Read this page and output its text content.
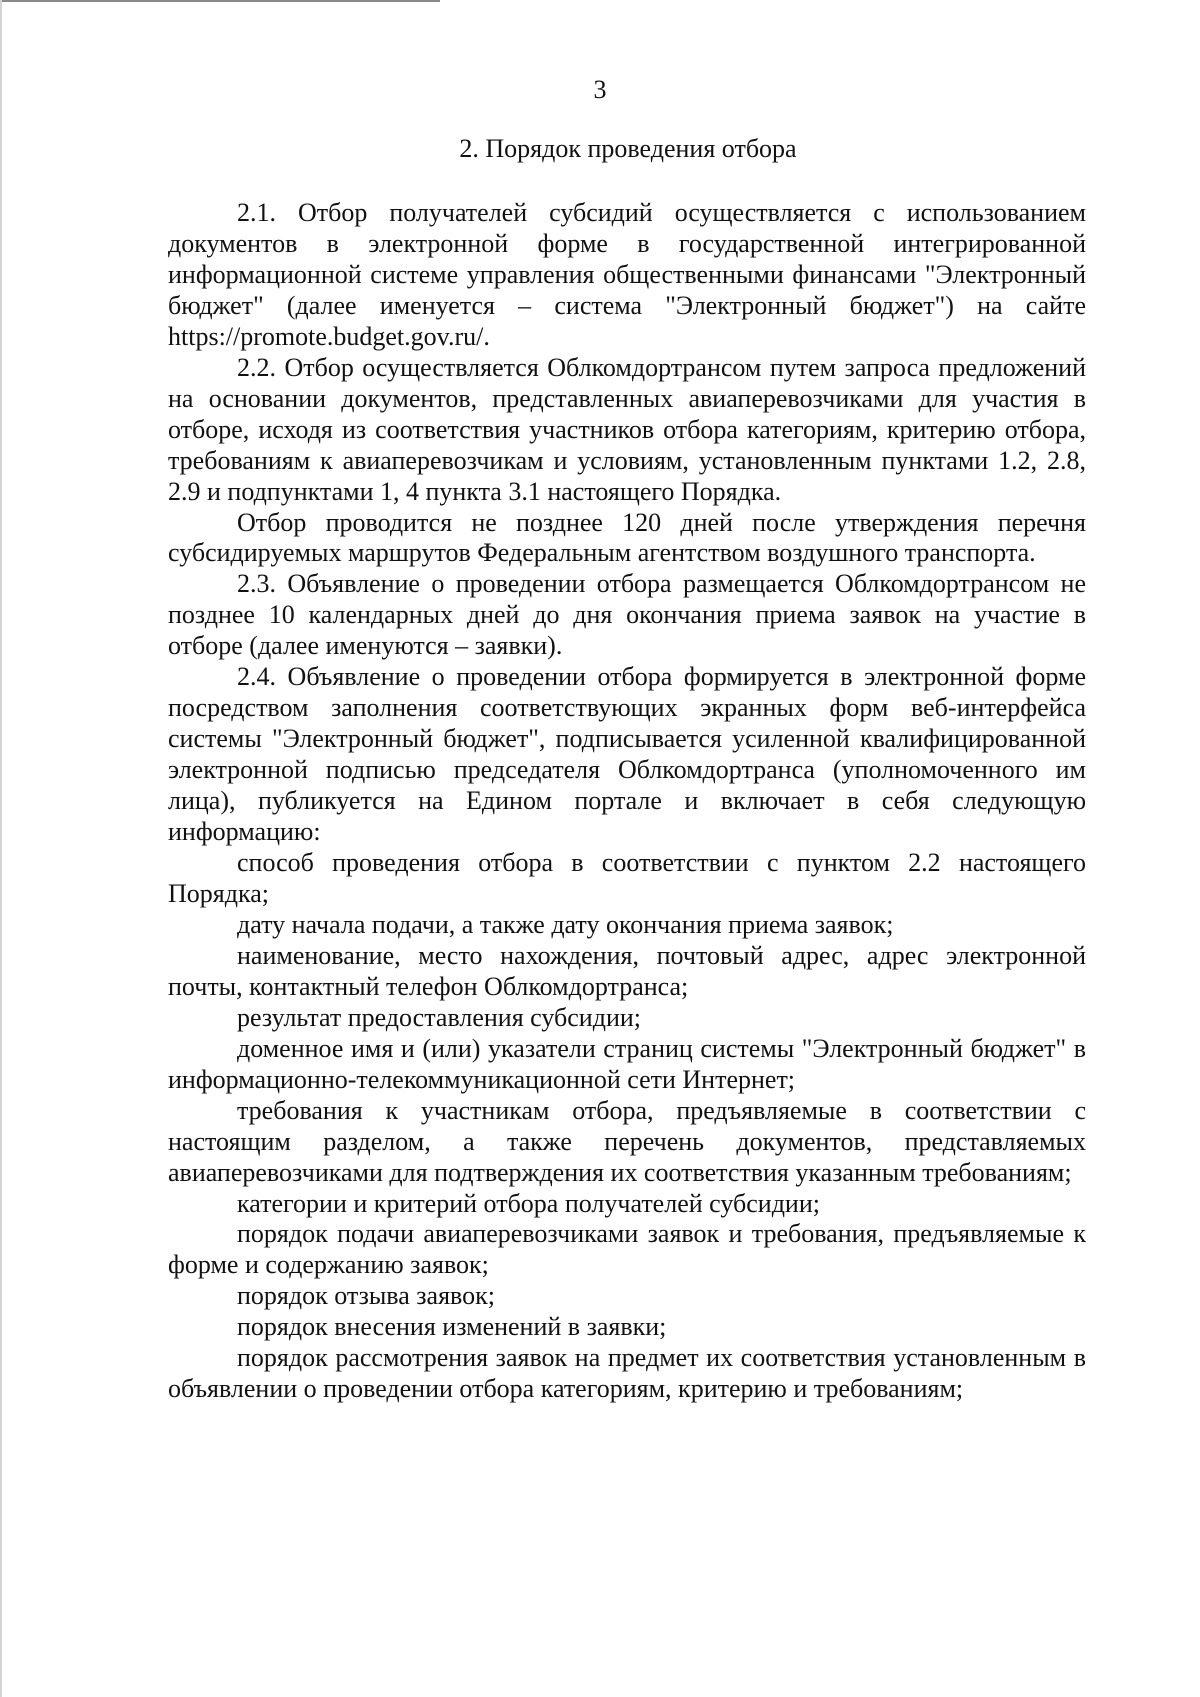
3
2. Порядок проведения отбора

2.1. Отбор получателей субсидий осуществляется с использованием документов в электронной форме в государственной интегрированной информационной системе управления общественными финансами "Электронный бюджет" (далее именуется – система "Электронный бюджет") на сайте https://promote.budget.gov.ru/.

2.2. Отбор осуществляется Облкомдортрансом путем запроса предложений на основании документов, представленных авиаперевозчиками для участия в отборе, исходя из соответствия участников отбора категориям, критерию отбора, требованиям к авиаперевозчикам и условиям, установленным пунктами 1.2, 2.8, 2.9 и подпунктами 1, 4 пункта 3.1 настоящего Порядка.

Отбор проводится не позднее 120 дней после утверждения перечня субсидируемых маршрутов Федеральным агентством воздушного транспорта.

2.3. Объявление о проведении отбора размещается Облкомдортрансом не позднее 10 календарных дней до дня окончания приема заявок на участие в отборе (далее именуются – заявки).

2.4. Объявление о проведении отбора формируется в электронной форме посредством заполнения соответствующих экранных форм веб-интерфейса системы "Электронный бюджет", подписывается усиленной квалифицированной электронной подписью председателя Облкомдортранса (уполномоченного им лица), публикуется на Едином портале и включает в себя следующую информацию:

способ проведения отбора в соответствии с пунктом 2.2 настоящего Порядка;

дату начала подачи, а также дату окончания приема заявок;

наименование, место нахождения, почтовый адрес, адрес электронной почты, контактный телефон Облкомдортранса;

результат предоставления субсидии;

доменное имя и (или) указатели страниц системы "Электронный бюджет" в информационно-телекоммуникационной сети Интернет;

требования к участникам отбора, предъявляемые в соответствии с настоящим разделом, а также перечень документов, представляемых авиаперевозчиками для подтверждения их соответствия указанным требованиям;

категории и критерий отбора получателей субсидии;

порядок подачи авиаперевозчиками заявок и требования, предъявляемые к форме и содержанию заявок;

порядок отзыва заявок;

порядок внесения изменений в заявки;

порядок рассмотрения заявок на предмет их соответствия установленным в объявлении о проведении отбора категориям, критерию и требованиям;
